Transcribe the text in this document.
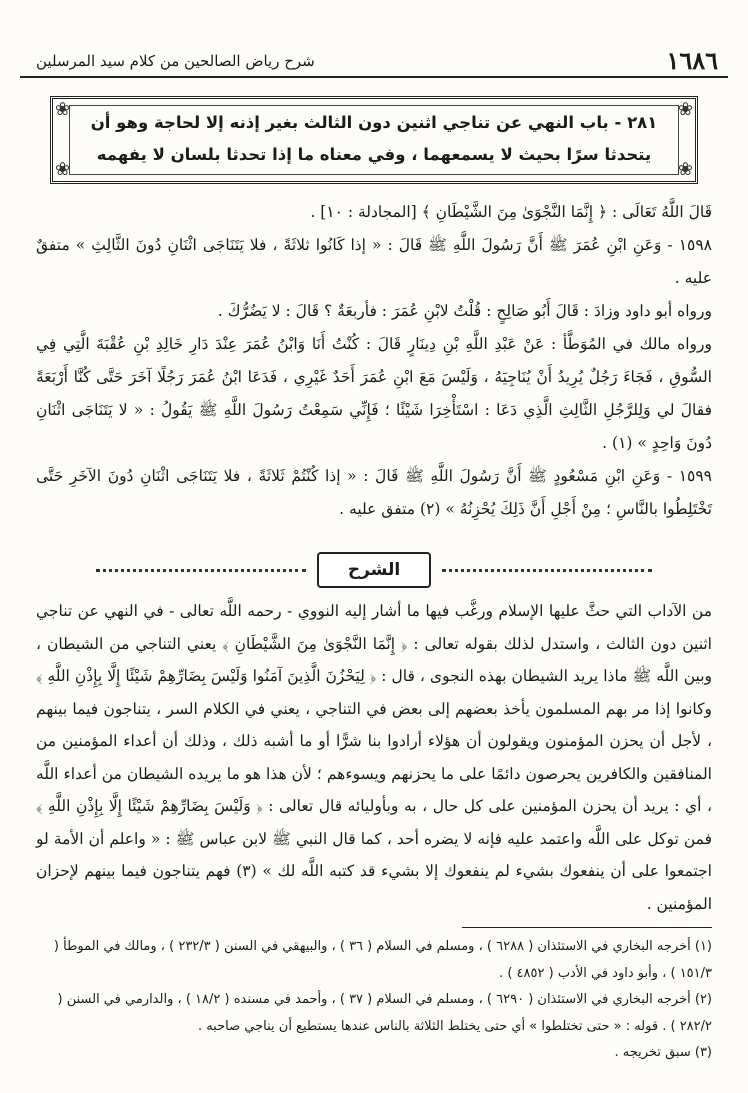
١٦٨٦
شرح رياض الصالحين من كلام سيد المرسلين
❀	❀
❀	❀
٢٨١ - باب النهي عن تناجي اثنين دون الثالث بغير إذنه إلا لحاجة وهو أن يتحدثا سرًا بحيث لا يسمعهما ، وفي معناه ما إذا تحدثا بلسان لا يفهمه

قَالَ اللَّهُ تَعَالَى : ﴿ إِنَّمَا النَّجْوَىٰ مِنَ الشَّيْطَانِ ﴾ [المجادلة : ١٠] .

١٥٩٨ - وَعَنِ ابْنِ عُمَرَ ﷺ أَنَّ رَسُولَ اللَّهِ ﷺ قَالَ : « إذا كَانُوا ثلاثَةً ، فلا يَتَنَاجَى اثْنَانِ دُونَ الثَّالِثِ » متفقٌ عليه .

ورواه أبو داود وزادَ : قَالَ أَبُو صَالِحٍ : قُلْتُ لابْنِ عُمَرَ : فأربعَةٌ ؟ قَالَ : لا يَضُرُّكَ .

ورواه مالك في المُوَطَّأ : عَنْ عَبْدِ اللَّهِ بْنِ دِينَارٍ قَالَ : كُنْتُ أَنَا وَابْنُ عُمَرَ عِنْدَ دَارِ خَالِدِ بْنِ عُقْبَةَ الَّتِي فِي السُّوقِ ، فَجَاءَ رَجُلٌ يُرِيدُ أَنْ يُنَاجِيَهُ ، وَلَيْسَ مَعَ ابْنِ عُمَرَ أَحَدٌ غَيْرِي ، فَدَعَا ابْنُ عُمَرَ رَجُلًا آخَرَ حَتَّى كُنَّا أَرْبَعَةً فقالَ لي وَلِلرَّجُلِ الثَّالِثِ الَّذِي دَعَا : اسْتَأْخِرَا شَيْئًا ؛ فَإِنِّي سَمِعْتُ رَسُولَ اللَّهِ ﷺ يَقُولُ : « لا يَتَنَاجَى اثْنَانِ دُونَ وَاحِدٍ » (١) .

١٥٩٩ - وَعَنِ ابْنِ مَسْعُودٍ ﷺ أَنَّ رَسُولَ اللَّهِ ﷺ قَالَ : « إذا كُنْتُمْ ثَلاثَةً ، فلا يَتَنَاجَى اثْنَانِ دُونَ الآخَرِ حَتَّى تَخْتَلِطُوا بالنَّاسِ ؛ مِنْ أَجْلِ أَنَّ ذَلِكَ يُحْزِنُهُ » (٢) متفق عليه .

الشرح

من الآداب التي حثَّ عليها الإسلام ورغَّب فيها ما أشار إليه النووي - رحمه اللَّه تعالى - في النهي عن تناجي اثنين دون الثالث ، واستدل لذلك بقوله تعالى : ﴿ إِنَّمَا النَّجْوَىٰ مِنَ الشَّيْطَانِ ﴾ يعني التناجي من الشيطان ، وبين اللَّه ﷺ ماذا يريد الشيطان بهذه النجوى ، قال : ﴿ لِيَحْزُنَ الَّذِينَ آمَنُوا وَلَيْسَ بِضَارِّهِمْ شَيْئًا إِلَّا بِإِذْنِ اللَّهِ ﴾ وكانوا إذا مر بهم المسلمون يأخذ بعضهم إلى بعض في التناجي ، يعني في الكلام السر ، يتناجون فيما بينهم ، لأجل أن يحزن المؤمنون ويقولون أن هؤلاء أرادوا بنا شرًّا أو ما أشبه ذلك ، وذلك أن أعداء المؤمنين من المنافقين والكافرين يحرصون دائمًا على ما يحزنهم ويسوءهم ؛ لأن هذا هو ما يريده الشيطان من أعداء اللَّه ، أي : يريد أن يحزن المؤمنين على كل حال ، به وبأوليائه قال تعالى : ﴿ وَلَيْسَ بِضَارِّهِمْ شَيْئًا إِلَّا بِإِذْنِ اللَّهِ ﴾ فمن توكل على اللَّه واعتمد عليه فإنه لا يضره أحد ، كما قال النبي ﷺ لابن عباس ﷺ : « واعلم أن الأمة لو اجتمعوا على أن ينفعوك بشيء لم ينفعوك إلا بشيء قد كتبه اللَّه لك » (٣) فهم يتناجون فيما بينهم لإحزان المؤمنين .

(١) أخرجه البخاري في الاستئذان ( ٦٢٨٨ ) ، ومسلم في السلام ( ٣٦ ) ، والبيهقي في السنن ( ٢٣٢/٣ ) ، ومالك في الموطأ ( ١٥١/٣ ) ، وأبو داود في الأدب ( ٤٨٥٢ ) .

(٢) أخرجه البخاري في الاستئذان ( ٦٢٩٠ ) ، ومسلم في السلام ( ٣٧ ) ، وأحمد في مسنده ( ١٨/٢ ) ، والدارمي في السنن ( ٢٨٢/٢ ) . قوله : « حتى تختلطوا » أي حتى يختلط الثلاثة بالناس عندها يستطيع أن يناجي صاحبه .

(٣) سبق تخريجه .
